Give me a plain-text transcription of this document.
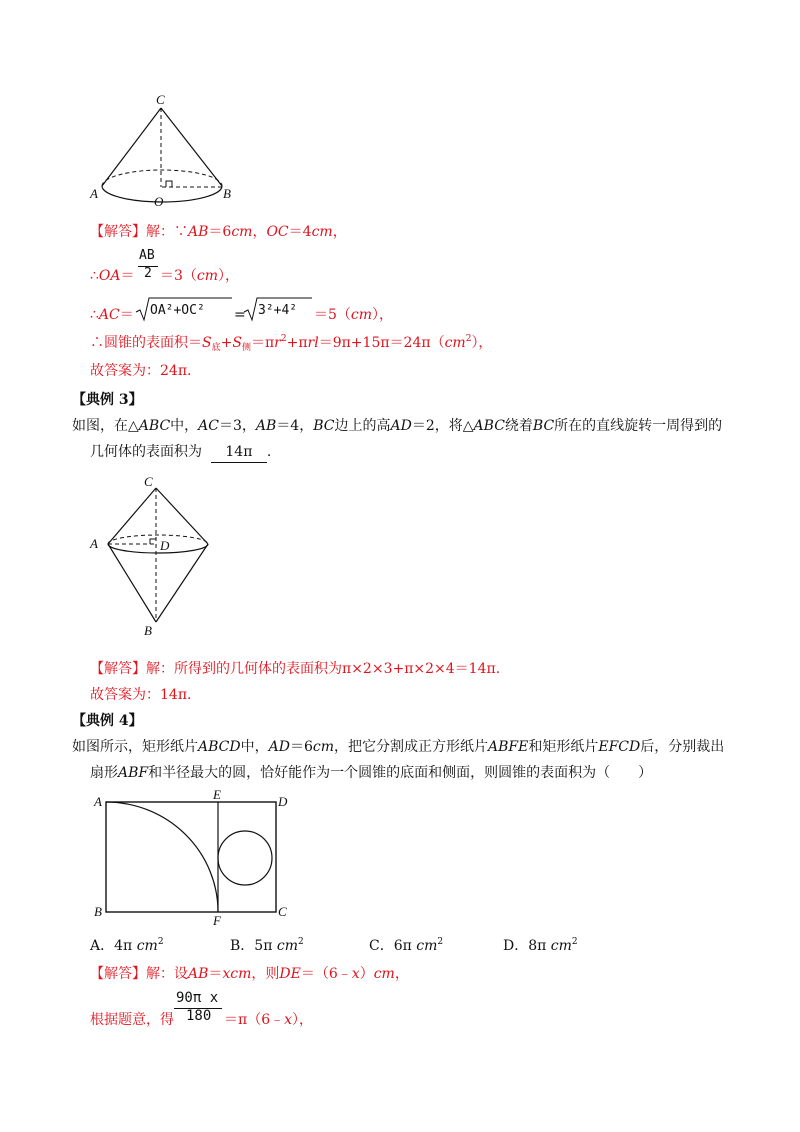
C
A
O
B
【解答】解：∵AB＝6cm，OC＝4cm，
∴OA＝
AB
2 ＝3（cm），
∴AC＝ OA²+OC² = 3²+4² ＝5（cm），
∴圆锥的表面积$=S_底+S_侧=\pi r^2+\pi rl=9\pi+15\pi=24\pi(cm^2)$，
故答案为：24π.
【典例 3】
如图，在△ABC中，AC＝3，AB＝4，BC边上的高AD＝2，将△ABC绕着BC所在的直线旋转一周得到的
几何体的表面积为 14π .
C
A	D
B
【解答】解：所得到的几何体的表面积为π×2×3+π×2×4＝14π.
故答案为：14π.
【典例 4】
如图所示，矩形纸片ABCD中，AD＝6cm，把它分割成正方形纸片ABFE和矩形纸片EFCD后，分别裁出
扇形ABF和半径最大的圆，恰好能作为一个圆锥的底面和侧面，则圆锥的表面积为（　　）
A	E	D
B
F
C
A．4π $cm^2$	B．5π $cm^2$	C．6π $cm^2$	D．8π $cm^2$
【解答】解：设AB＝xcm，则DE＝（6﹣x）cm，
根据题意，得
90π x
180 ＝π（6﹣x），
